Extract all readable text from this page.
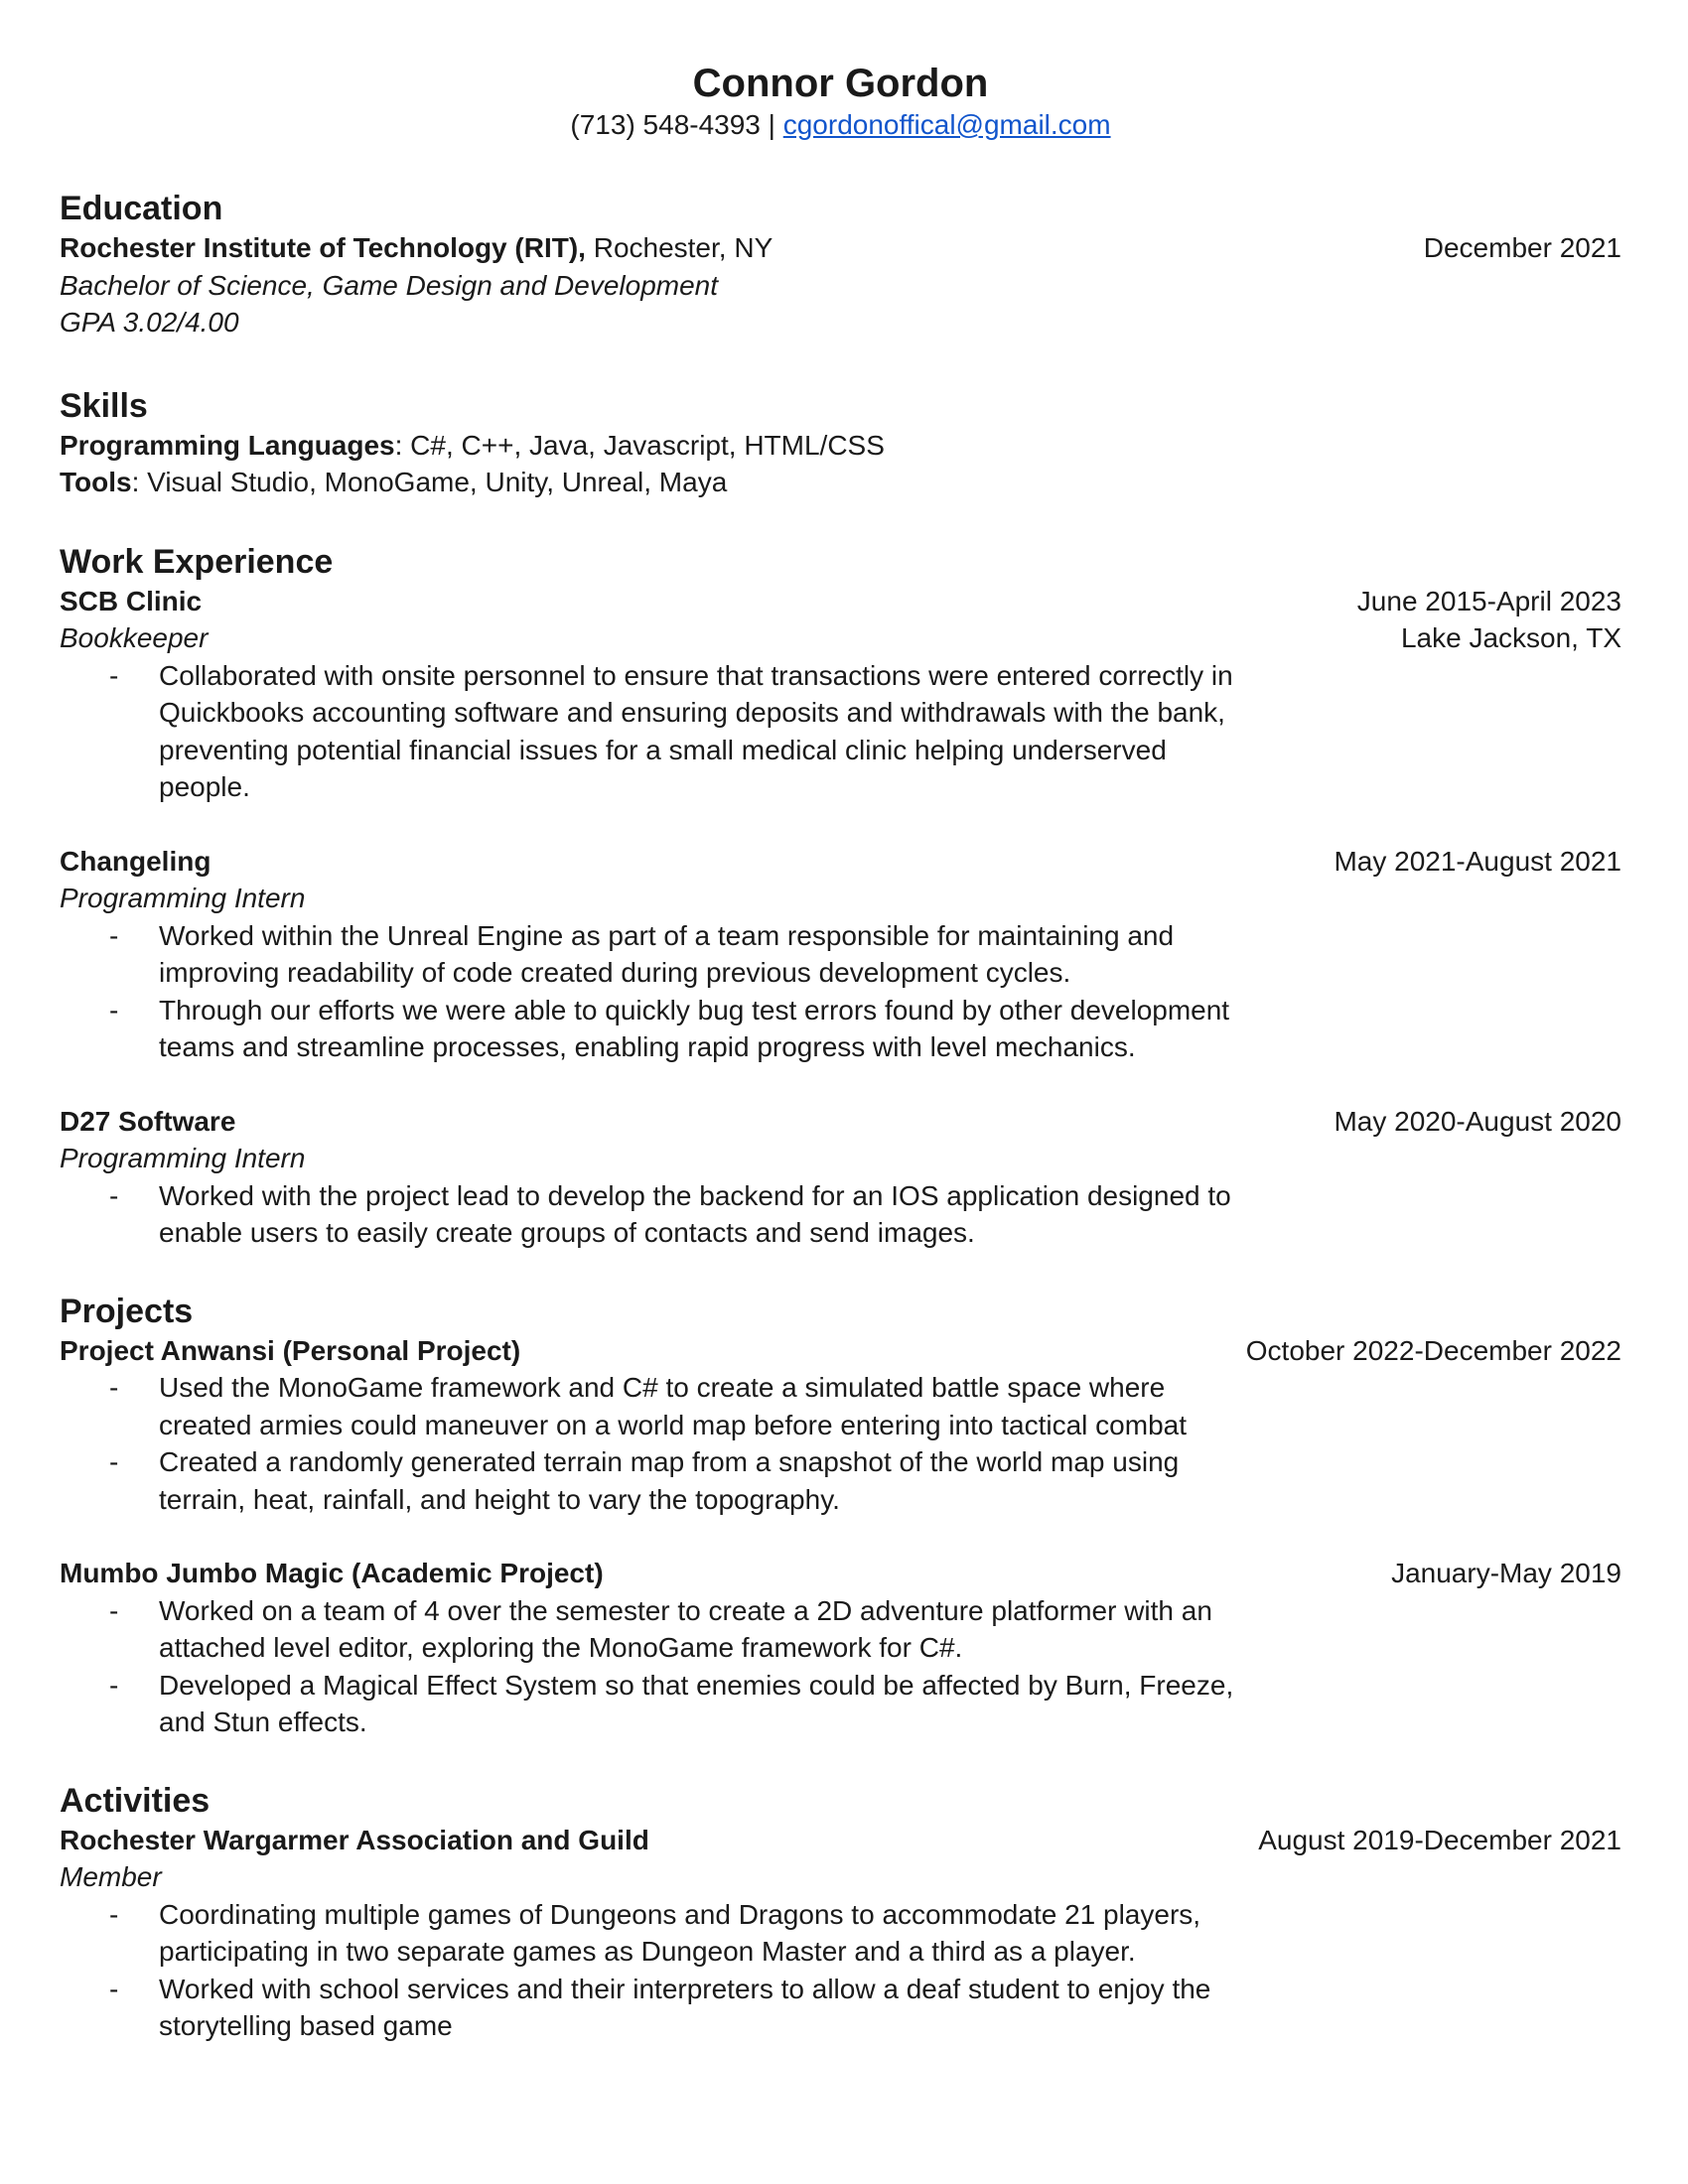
Connor Gordon

(713) 548-4393 | cgordonoffical@gmail.com

Education
Rochester Institute of Technology (RIT), Rochester, NY	December 2021

Bachelor of Science, Game Design and Development

GPA 3.02/4.00

Skills

Programming Languages: C#, C++, Java, Javascript, HTML/CSS

Tools: Visual Studio, MonoGame, Unity, Unreal, Maya

Work Experience
SCB Clinic	June 2015-April 2023
Bookkeeper	Lake Jackson, TX
- Collaborated with onsite personnel to ensure that transactions were entered correctly in Quickbooks accounting software and ensuring deposits and withdrawals with the bank, preventing potential financial issues for a small medical clinic helping underserved people.
Changeling	May 2021-August 2021

Programming Intern

- Worked within the Unreal Engine as part of a team responsible for maintaining and improving readability of code created during previous development cycles.
- Through our efforts we were able to quickly bug test errors found by other development teams and streamline processes, enabling rapid progress with level mechanics.
D27 Software	May 2020-August 2020

Programming Intern

- Worked with the project lead to develop the backend for an IOS application designed to enable users to easily create groups of contacts and send images.
Projects
Project Anwansi (Personal Project)	October 2022-December 2022
- Used the MonoGame framework and C# to create a simulated battle space where created armies could maneuver on a world map before entering into tactical combat
- Created a randomly generated terrain map from a snapshot of the world map using terrain, heat, rainfall, and height to vary the topography.
Mumbo Jumbo Magic (Academic Project)	January-May 2019
- Worked on a team of 4 over the semester to create a 2D adventure platformer with an attached level editor, exploring the MonoGame framework for C#.
- Developed a Magical Effect System so that enemies could be affected by Burn, Freeze, and Stun effects.
Activities
Rochester Wargarmer Association and Guild	August 2019-December 2021

Member

- Coordinating multiple games of Dungeons and Dragons to accommodate 21 players, participating in two separate games as Dungeon Master and a third as a player.
- Worked with school services and their interpreters to allow a deaf student to enjoy the storytelling based game
